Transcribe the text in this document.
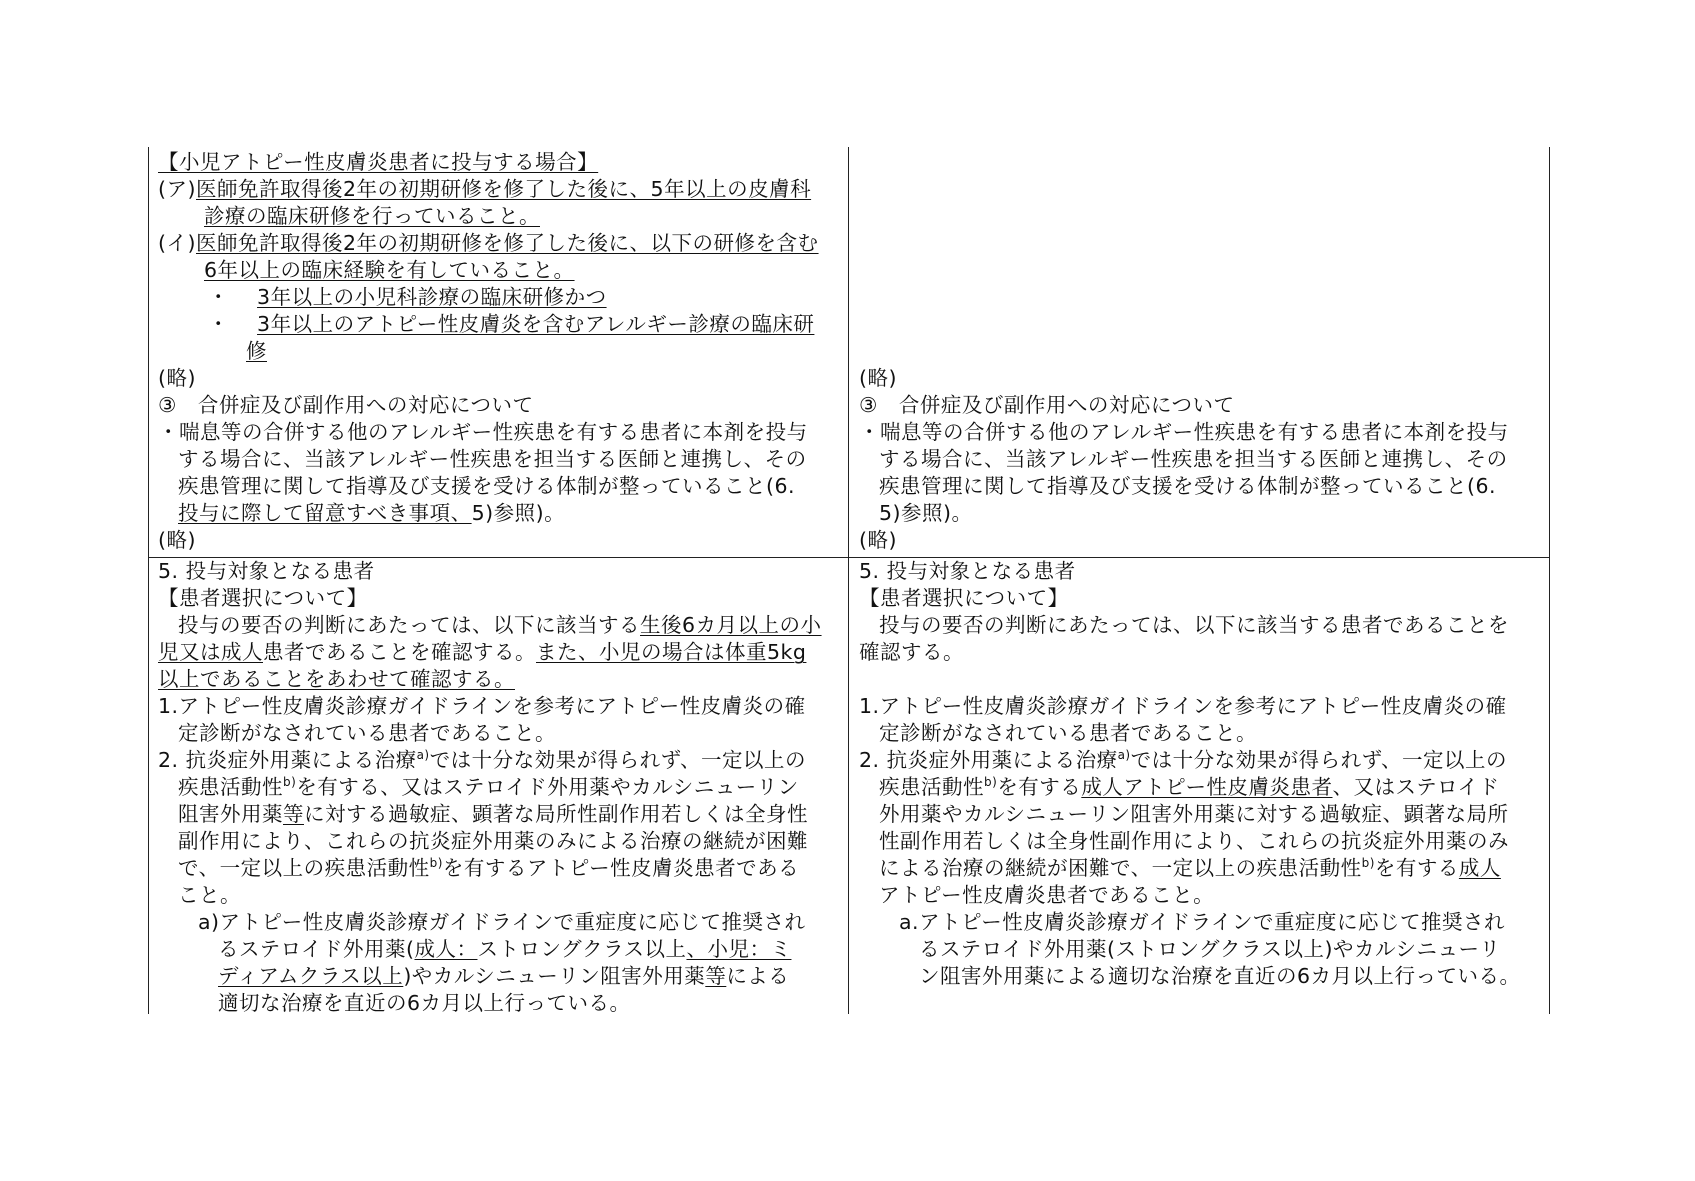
【小児アトピー性皮膚炎患者に投与する場合】
(ア)医師免許取得後2年の初期研修を修了した後に、5年以上の皮膚科
診療の臨床研修を行っていること。
(イ)医師免許取得後2年の初期研修を修了した後に、以下の研修を含む
6年以上の臨床経験を有していること。
・　 3年以上の小児科診療の臨床研修かつ
・　 3年以上のアトピー性皮膚炎を含むアレルギー診療の臨床研
修
(略)
③　合併症及び副作用への対応について
・喘息等の合併する他のアレルギー性疾患を有する患者に本剤を投与
する場合に、当該アレルギー性疾患を担当する医師と連携し、その
疾患管理に関して指導及び支援を受ける体制が整っていること(6.
投与に際して留意すべき事項、5)参照)。
(略)
(略)
③　合併症及び副作用への対応について
・喘息等の合併する他のアレルギー性疾患を有する患者に本剤を投与
する場合に、当該アレルギー性疾患を担当する医師と連携し、その
疾患管理に関して指導及び支援を受ける体制が整っていること(6.
5)参照)。
(略)
5. 投与対象となる患者
【患者選択について】
投与の要否の判断にあたっては、以下に該当する生後6カ月以上の小
児又は成人患者であることを確認する。また、小児の場合は体重5kg
以上であることをあわせて確認する。
1.アトピー性皮膚炎診療ガイドラインを参考にアトピー性皮膚炎の確
定診断がなされている患者であること。
2. 抗炎症外用薬による治療$^{a)}$では十分な効果が得られず、一定以上の
疾患活動性$^{b)}$を有する、又はステロイド外用薬やカルシニューリン
阻害外用薬等に対する過敏症、顕著な局所性副作用若しくは全身性
副作用により、これらの抗炎症外用薬のみによる治療の継続が困難
で、一定以上の疾患活動性$^{b)}$を有するアトピー性皮膚炎患者である
こと。
a)アトピー性皮膚炎診療ガイドラインで重症度に応じて推奨され
るステロイド外用薬(成人：ストロングクラス以上、小児：ミ
ディアムクラス以上)やカルシニューリン阻害外用薬等による
適切な治療を直近の6カ月以上行っている。
5. 投与対象となる患者
【患者選択について】
投与の要否の判断にあたっては、以下に該当する患者であることを
確認する。

1.アトピー性皮膚炎診療ガイドラインを参考にアトピー性皮膚炎の確
定診断がなされている患者であること。
2. 抗炎症外用薬による治療$^{a)}$では十分な効果が得られず、一定以上の
疾患活動性$^{b)}$を有する成人アトピー性皮膚炎患者、又はステロイド
外用薬やカルシニューリン阻害外用薬に対する過敏症、顕著な局所
性副作用若しくは全身性副作用により、これらの抗炎症外用薬のみ
による治療の継続が困難で、一定以上の疾患活動性$^{b)}$を有する成人
アトピー性皮膚炎患者であること。
a.アトピー性皮膚炎診療ガイドラインで重症度に応じて推奨され
るステロイド外用薬(ストロングクラス以上)やカルシニューリ
ン阻害外用薬による適切な治療を直近の6カ月以上行っている。
